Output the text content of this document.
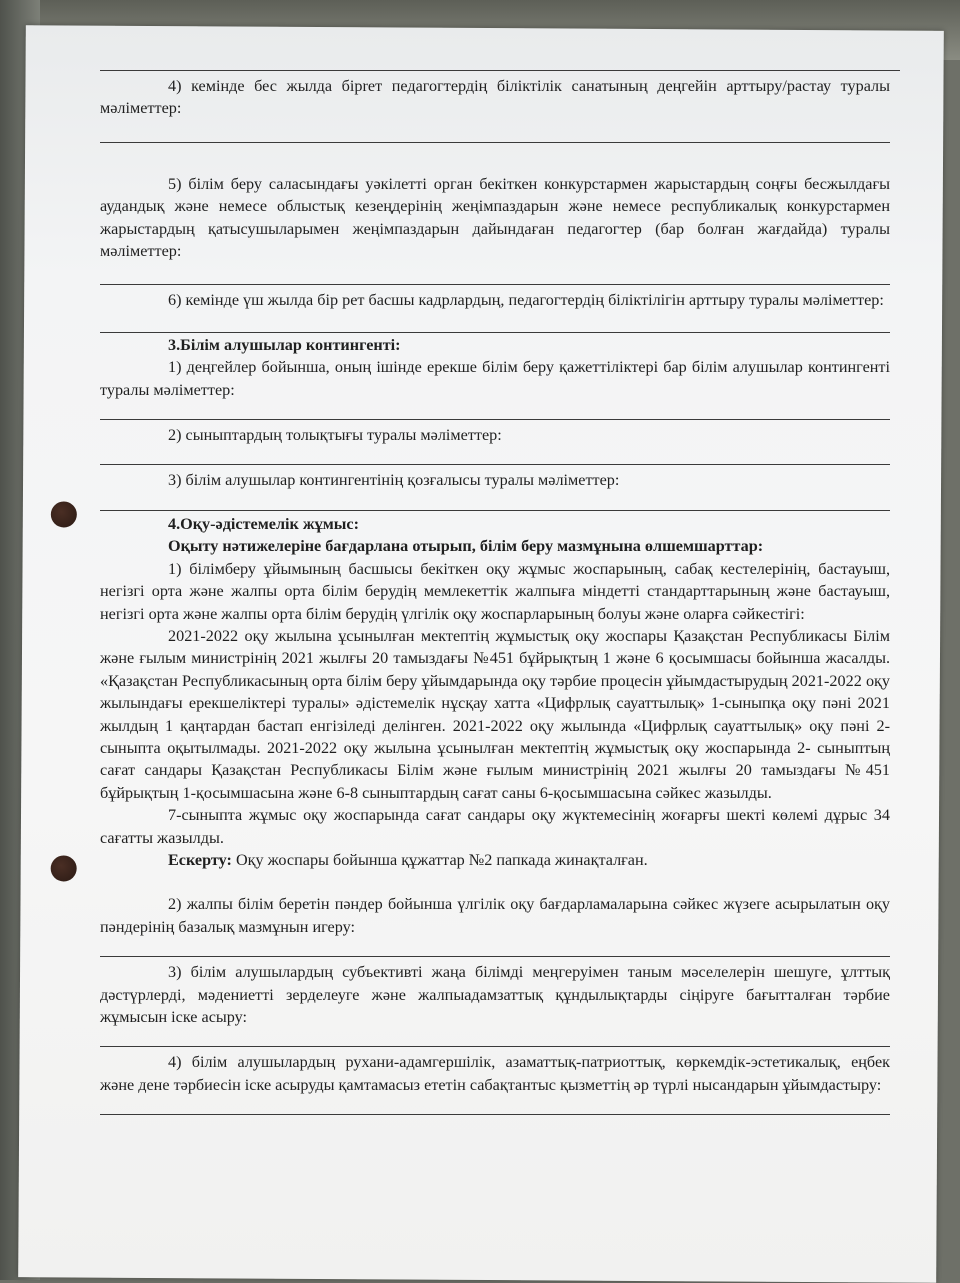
4) кемінде бес жылда бірrет педагогтердің біліктілік санатының деңгейін арттыру/растау туралы мәліметтер:

5) білім беру саласындағы уәкілетті орган бекіткен конкурстармен жарыстардың соңғы бесжылдағы аудандық және немесе облыстық кезеңдерінің жеңімпаздарын және немесе республикалық конкурстармен жарыстардың қатысушыларымен жеңімпаздарын дайындаған педагогтер (бар болған жағдайда) туралы мәліметтер:

6) кемінде үш жылда бір рет басшы кадрлардың, педагогтердің біліктілігін арттыру туралы мәліметтер:

3.Білім алушылар контингенті:

1) деңгейлер бойынша, оның ішінде ерекше білім беру қажеттіліктері бар білім алушылар контингенті туралы мәліметтер:

2) сыныптардың толықтығы туралы мәліметтер:

3) білім алушылар контингентінің қозғалысы туралы мәліметтер:

4.Оқу-әдістемелік жұмыс:

Оқыту нәтижелеріне бағдарлана отырып, білім беру мазмұнына өлшемшарттар:

1) білімберу ұйымының басшысы бекіткен оқу жұмыс жоспарының, сабақ кестелерінің, бастауыш, негізгі орта және жалпы орта білім берудің мемлекеттік жалпыға міндетті стандарттарының және бастауыш, негізгі орта және жалпы орта білім берудің үлгілік оқу жоспарларының болуы және оларға сәйкестігі:

2021-2022 оқу жылына ұсынылған мектептің жұмыстық оқу жоспары Қазақстан Республикасы Білім және ғылым министрінің 2021 жылғы 20 тамыздағы №451 бұйрықтың 1 және 6 қосымшасы бойынша жасалды. «Қазақстан Республикасының орта білім беру ұйымдарында оқу тәрбие процесін ұйымдастырудың 2021-2022 оқу жылындағы ерекшеліктері туралы» әдістемелік нұсқау хатта «Цифрлық сауаттылық» 1-сыныпқа оқу пәні 2021 жылдың 1 қаңтардан бастап енгізіледі делінген. 2021-2022 оқу жылында «Цифрлық сауаттылық» оқу пәні 2-сыныпта оқытылмады. 2021-2022 оқу жылына ұсынылған мектептің жұмыстық оқу жоспарында 2- сыныптың сағат сандары Қазақстан Республикасы Білім және ғылым министрінің 2021 жылғы 20 тамыздағы №451 бұйрықтың 1-қосымшасына және 6-8 сыныптардың сағат саны 6-қосымшасына сәйкес жазылды.

7-сыныпта жұмыс оқу жоспарында сағат сандары оқу жүктемесінің жоғарғы шекті көлемі дұрыс 34 сағатты жазылды.

Ескерту: Оқу жоспары бойынша құжаттар №2 папкада жинақталған.

2) жалпы білім беретін пәндер бойынша үлгілік оқу бағдарламаларына сәйкес жүзеге асырылатын оқу пәндерінің базалық мазмұнын игеру:

3) білім алушылардың субъективті жаңа білімді меңгеруімен таным мәселелерін шешуге, ұлттық дәстүрлерді, мәдениетті зерделеуге және жалпыадамзаттық құндылықтарды сіңіруге бағытталған тәрбие жұмысын іске асыру:

4) білім алушылардың рухани-адамгершілік, азаматтық-патриоттық, көркемдік-эстетикалық, еңбек және дене тәрбиесін іске асыруды қамтамасыз ететін сабақтантыс қызметтің әр түрлі нысандарын ұйымдастыру:
